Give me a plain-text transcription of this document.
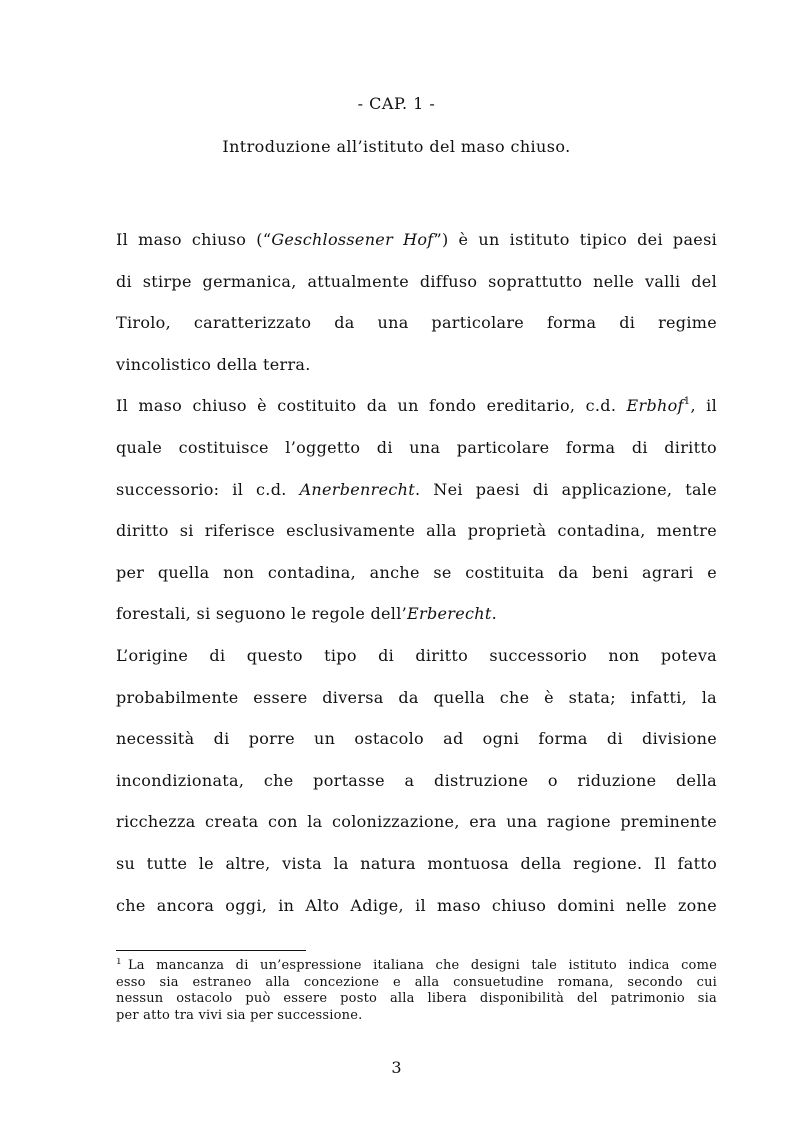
- CAP. 1 -
Introduzione all’istituto del maso chiuso.
Il maso chiuso (“Geschlossener Hof”) è un istituto tipico dei paesi
di stirpe germanica, attualmente diffuso soprattutto nelle valli del
Tirolo, caratterizzato da una particolare forma di regime
vincolistico della terra.
Il maso chiuso è costituito da un fondo ereditario, c.d. Erbhof$^1$, il
quale costituisce l’oggetto di una particolare forma di diritto
successorio: il c.d. Anerbenrecht. Nei paesi di applicazione, tale
diritto si riferisce esclusivamente alla proprietà contadina, mentre
per quella non contadina, anche se costituita da beni agrari e
forestali, si seguono le regole dell’Erberecht.
L’origine di questo tipo di diritto successorio non poteva
probabilmente essere diversa da quella che è stata; infatti, la
necessità di porre un ostacolo ad ogni forma di divisione
incondizionata, che portasse a distruzione o riduzione della
ricchezza creata con la colonizzazione, era una ragione preminente
su tutte le altre, vista la natura montuosa della regione. Il fatto
che ancora oggi, in Alto Adige, il maso chiuso domini nelle zone
$^1$ La mancanza di un’espressione italiana che designi tale istituto indica come
esso sia estraneo alla concezione e alla consuetudine romana, secondo cui
nessun ostacolo può essere posto alla libera disponibilità del patrimonio sia
per atto tra vivi sia per successione.
3
